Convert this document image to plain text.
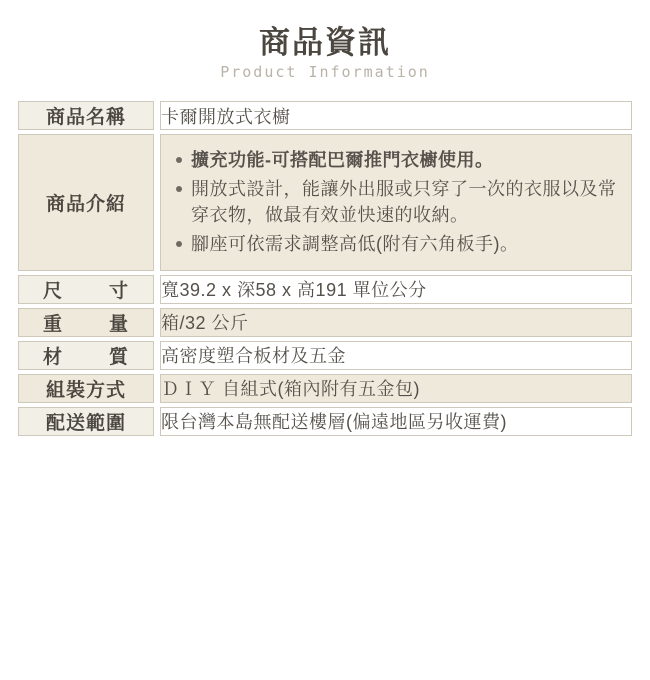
商品資訊
Product Information
商品名稱		卡爾開放式衣櫥
商品介紹		
擴充功能-可搭配巴爾推門衣櫥使用。
開放式設計，能讓外出服或只穿了一次的衣服以及常穿衣物，做最有效並快速的收納。
腳座可依需求調整高低(附有六角板手)。

尺寸		寬39.2 x 深58 x 高191 單位公分
重量		箱/32 公斤
材質		高密度塑合板材及五金
組裝方式		ＤＩＹ 自組式(箱內附有五金包)
配送範圍		限台灣本島無配送樓層(偏遠地區另收運費)
